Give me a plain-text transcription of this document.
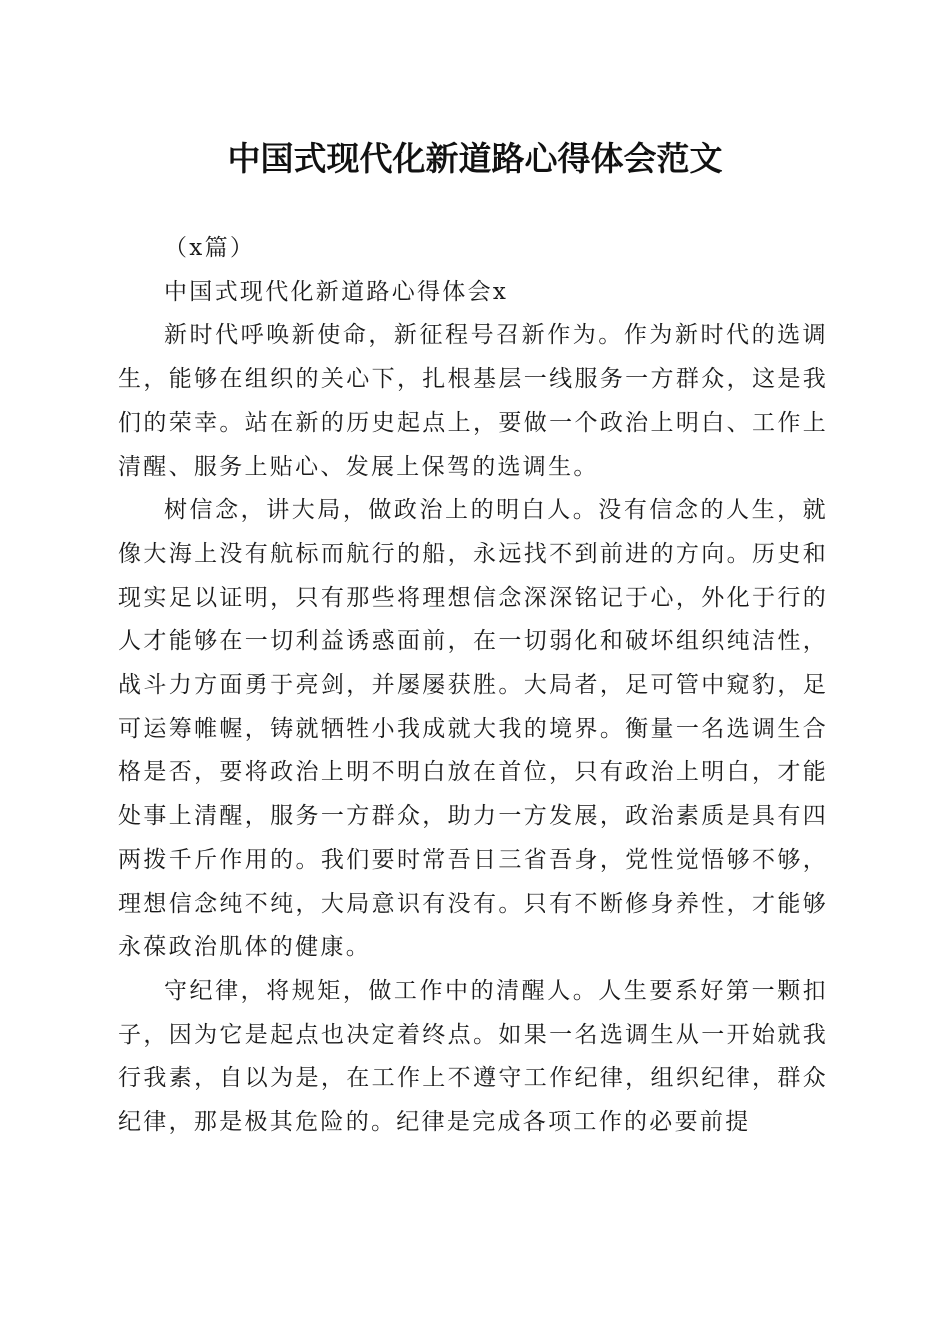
中国式现代化新道路心得体会范文

（x篇）

中国式现代化新道路心得体会x

新时代呼唤新使命，新征程号召新作为。作为新时代的选调生，能够在组织的关心下，扎根基层一线服务一方群众，这是我们的荣幸。站在新的历史起点上，要做一个政治上明白、工作上清醒、服务上贴心、发展上保驾的选调生。

树信念，讲大局，做政治上的明白人。没有信念的人生，就像大海上没有航标而航行的船，永远找不到前进的方向。历史和现实足以证明，只有那些将理想信念深深铭记于心，外化于行的人才能够在一切利益诱惑面前，在一切弱化和破坏组织纯洁性，战斗力方面勇于亮剑，并屡屡获胜。大局者，足可管中窥豹，足可运筹帷幄，铸就牺牲小我成就大我的境界。衡量一名选调生合格是否，要将政治上明不明白放在首位，只有政治上明白，才能处事上清醒，服务一方群众，助力一方发展，政治素质是具有四两拨千斤作用的。我们要时常吾日三省吾身，党性觉悟够不够，理想信念纯不纯，大局意识有没有。只有不断修身养性，才能够永葆政治肌体的健康。

守纪律，将规矩，做工作中的清醒人。人生要系好第一颗扣子，因为它是起点也决定着终点。如果一名选调生从一开始就我行我素，自以为是，在工作上不遵守工作纪律，组织纪律，群众纪律，那是极其危险的。纪律是完成各项工作的必要前提
